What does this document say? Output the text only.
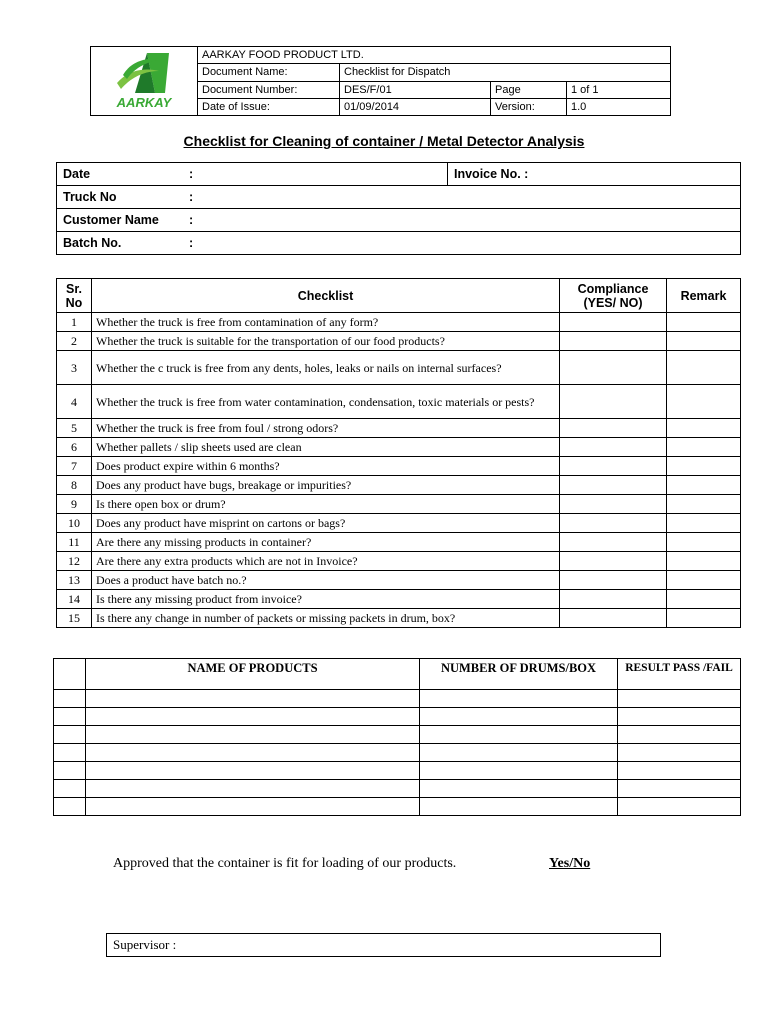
AARKAY	AARKAY FOOD PRODUCT LTD.			
	Document Name:	Checklist for Dispatch		
	Document Number:	DES/F/01	Page	1 of 1
	Date of Issue:	01/09/2014	Version:	1.0
Checklist for Cleaning of container / Metal Detector Analysis
Date	:	Invoice No. :
Truck No	:
Customer Name :
Batch No.	:
Sr. No	Checklist	Compliance (YES/ NO)	Remark
1	Whether the truck is free from contamination of any form?		
2	Whether the truck is suitable for the transportation of our food products?		
3	Whether the c truck is free from any dents, holes, leaks or nails on internal surfaces?		
4	Whether the truck is free from water contamination, condensation, toxic materials or pests?		
5	Whether the truck is free from foul / strong odors?		
6	Whether pallets / slip sheets used are clean		
7	Does product expire within 6 months?		
8	Does any product have bugs, breakage or impurities?		
9	Is there open box or drum?		
10	Does any product have misprint on cartons or bags?		
11	Are there any missing products in container?		
12	Are there any extra products which are not in Invoice?		
13	Does a product have batch no.?		
14	Is there any missing product from invoice?		
15	Is there any change in number of packets or missing packets in drum, box?		
	NAME OF PRODUCTS	NUMBER OF DRUMS/BOX	RESULT PASS /FAIL

Approved that the container is fit for loading of our products.	Yes/No
Supervisor :
